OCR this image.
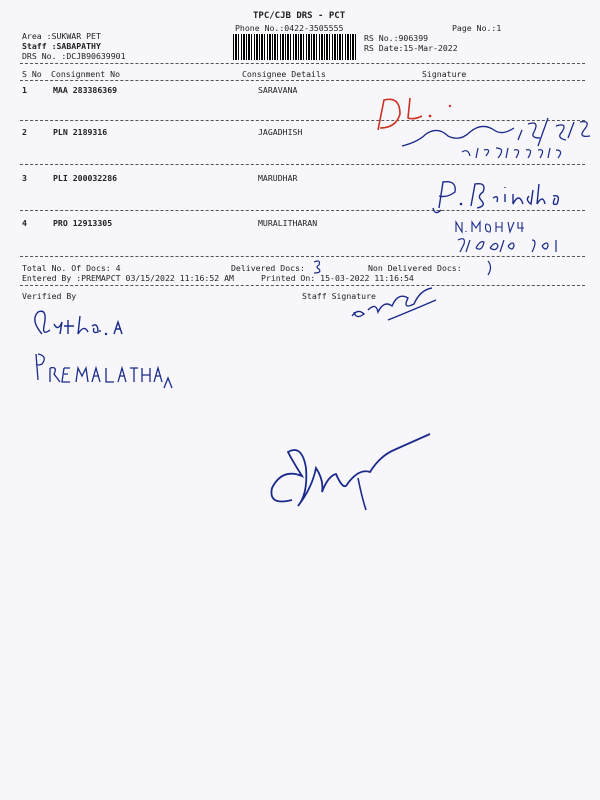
TPC/CJB DRS - PCT
Phone No.:0422-3505555	Page No.:1
Area :SUKWAR PET
Staff :SABAPATHY
DRS No. :DCJB90639901
RS No.:906399
RS Date:15-Mar-2022
S No Consignment No	Consignee Details	Signature
1	MAA 283386369	SARAVANA
2	PLN 2189316	JAGADHISH
3	PLI 200032286	MARUDHAR
4	PRO 12913305	MURALITHARAN
Total No. Of Docs: 4	Delivered Docs:	Non Delivered Docs:
Entered By :PREMAPCT 03/15/2022 11:16:52 AM	Printed On: 15-03-2022 11:16:54
Verified By	Staff Signature
